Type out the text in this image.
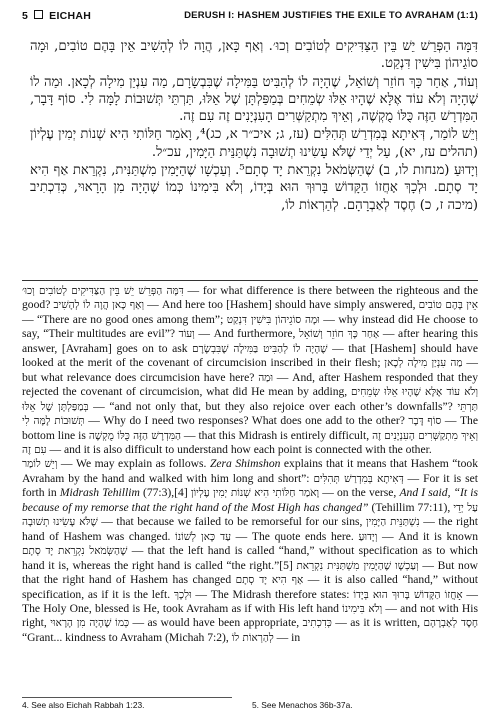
5 EICHAH	DERUSH I: HASHEM JUSTIFIES THE EXILE TO AVRAHAM (1:1)

דִּמָּה הַפְּרֵשׁ יֵשׁ בֵּין הַצַּדִּיקִים לְטוֹבִים וְכוּ׳. וְאַף כָּאן, הֲוָה לוֹ לְהָשִׁיב אֵין בָּהֶם טוֹבִים, וּמָה סוֹגֵיהוֹן בִּישִׁין דִּנְקַט.

וְעוֹד, אַחַר כָּךְ חוֹזֵר וְשׁוֹאֵל, שֶׁהָיָה לוֹ לְהַבִּיט בַּמִּילָה שֶׁבִּבְשָׂרָם, מַה עִנְיַן מִילָה לְכָאן. וּמַה לוֹ שֶׁהָיָה וְלֹא עוֹד אֶלָּא שֶׁהָיוּ אֵלּוּ שְׂמֵחִים בְּמַפַּלְתָּן שֶׁל אֵלּוּ, תַּרְתֵּי תְּשׁוּבוֹת לָמָּה לִי. סוֹף דָּבָר, הַמִּדְרָשׁ הַזֶּה כֻּלּוֹ מֻקְשֶׁה, וְאֵיךְ מִתְקַשְּׁרִים הָעִנְיָנִים זֶה עִם זֶה.

וְיֵשׁ לוֹמַר, דְּאִיתָא בְּמִדְרַשׁ תְּהִלִּים (עז, ג; איכ״ר א, כג)⁴, וָאֹמַר חַלּוֹתִי הִיא שְׁנוֹת יְמִין עֶלְיוֹן (תהלים עז, יא), עַל יְדֵי שֶׁלֹּא עָשִׂינוּ תְשׁוּבָה נִשְׁתַּנֵּית הַיָּמִין, עכ״ל.

וְיָדוּעַ (מנחות לו, ב) שֶׁהַשְּׂמֹאל נִקְרֵאת יָד סְתָם⁵. וְעַכְשָׁו שֶׁהַיָּמִין מִשְׁתַּנִּית, נִקְרֵאת אַף הִיא יָד סְתָם. וּלְכָךְ אָחֲזוֹ הַקָּדוֹשׁ בָּרוּךְ הוּא בְּיָדוֹ, וְלֹא בִּימִינוֹ כְּמוֹ שֶׁהָיָה מִן הָרָאוּי, כְּדִכְתִיב (מיכה ז, כ) חֶסֶד לְאַבְרָהָם. לְהַרְאוֹת לוֹ,

דִּמָּה הַפְּרֵשׁ יֵשׁ בֵּין הַצַּדִּיקִים לְטוֹבִים וְכוּ׳ — for what difference is there between the righteous and the good? וְאַף כָּאן הֲוָה לוֹ לְהָשִׁיב — And here too [Hashem] should have simply answered, אֵין בָּהֶם טוֹבִים — “There are no good ones among them”; וּמָה סוֹגֵיהוֹן בִּישִׁין דִּנְקַט — why instead did He choose to say, “Their multitudes are evil”? וְעוֹד — And furthermore, אַחַר כָּךְ חוֹזֵר וְשׁוֹאֵל — after hearing this answer, [Avraham] goes on to ask שֶׁהָיָה לוֹ לְהַבִּיט בַּמִּילָה שֶׁבִּבְשָׂרָם — that [Hashem] should have looked at the merit of the covenant of circumcision inscribed in their flesh; מַה עִנְיַן מִילָה לְכָאן — but what relevance does circumcision have here? וּמַה — And, after Hashem responded that they rejected the covenant of circumcision, what did He mean by adding, וְלֹא עוֹד אֶלָּא שֶׁהָיוּ אֵלּוּ שְׂמֵחִים בְּמַפַּלְתָּן שֶׁל אֵלּוּ — “and not only that, but they also rejoice over each other’s downfalls”? תַּרְתֵּי תְּשׁוּבוֹת לָמָּה לִי — Why do I need two responses? What does one add to the other? סוֹף דָּבָר — The bottom line is הַמִּדְרָשׁ הַזֶּה כֻּלּוֹ מֻקְשֶׁה — that this Midrash is entirely difficult, וְאֵיךְ מִתְקַשְּׁרִים הָעִנְיָנִים זֶה עִם זֶה — and it is also difficult to understand how each point is connected with the other.

וְיֵשׁ לוֹמַר — We may explain as follows. Zera Shimshon explains that it means that Hashem “took Avraham by the hand and walked with him long and short”: דְּאִיתָא בְּמִדְרַשׁ תְּהִלִּים — For it is set forth in Midrash Tehillim (77:3),[4] וָאֹמַר חַלּוֹתִי הִיא שְׁנוֹת יְמִין עֶלְיוֹן — on the verse, And I said, “It is because of my remorse that the right hand of the Most High has changed” (Tehillim 77:11), עַל יְדֵי שֶׁלֹּא עָשִׂינוּ תְשׁוּבָה — that because we failed to be remorseful for our sins, נִשְׁתַּנֵּית הַיָּמִין — the right hand of Hashem was changed. עַד כָּאן לְשׁוֹנוֹ — The quote ends here. וְיָדוּעַ — And it is known שֶׁהַשְּׂמֹאל נִקְרֵאת יָד סְתָם — that the left hand is called “hand,” without specification as to which hand it is, whereas the right hand is called “the right.”[5] וְעַכְשָׁו שֶׁהַיָּמִין מִשְׁתַּנִּית נִקְרֵאת — But now that the right hand of Hashem has changed אַף הִיא יָד סְתָם — it is also called “hand,” without specification, as if it is the left. וּלְכָךְ — The Midrash therefore states: אָחֲזוֹ הַקָּדוֹשׁ בָּרוּךְ הוּא בְּיָדוֹ — The Holy One, blessed is He, took Avraham as if with His left hand וְלֹא בִּימִינוֹ — and not with His right, כְּמוֹ שֶׁהָיָה מִן הָרָאוּי — as would have been appropriate, כְּדִכְתִיב — as it is written, חֶסֶד לְאַבְרָהָם “Grant... kindness to Avraham (Michah 7:2), לְהַרְאוֹת לוֹ — in

4. See also Eichah Rabbah 1:23.	5. See Menachos 36b-37a.
